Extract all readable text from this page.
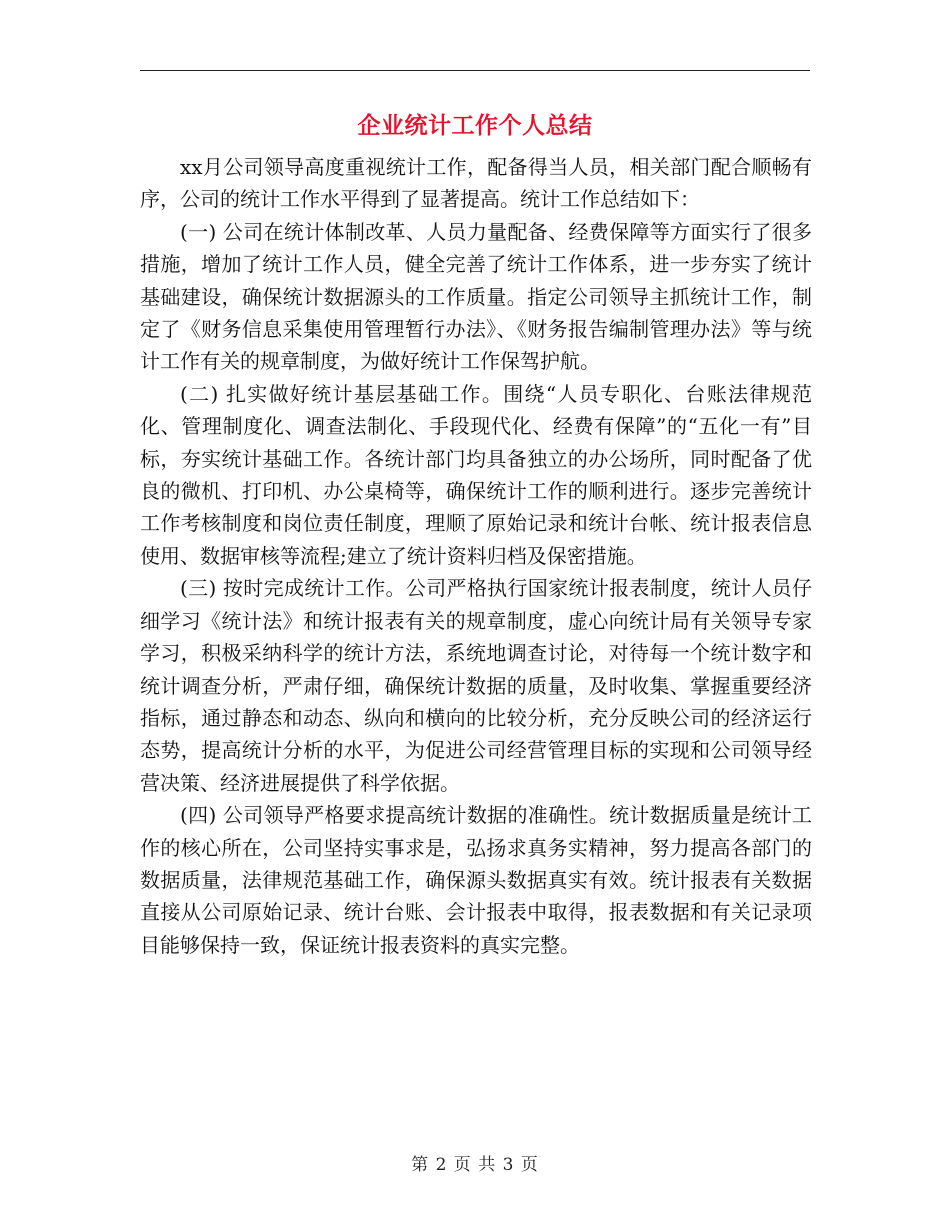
企业统计工作个人总结

xx月公司领导高度重视统计工作，配备得当人员，相关部门配合顺畅有序，公司的统计工作水平得到了显著提高。统计工作总结如下：

(一) 公司在统计体制改革、人员力量配备、经费保障等方面实行了很多措施，增加了统计工作人员，健全完善了统计工作体系，进一步夯实了统计基础建设，确保统计数据源头的工作质量。指定公司领导主抓统计工作，制定了《财务信息采集使用管理暂行办法》、《财务报告编制管理办法》等与统计工作有关的规章制度，为做好统计工作保驾护航。

(二) 扎实做好统计基层基础工作。围绕“人员专职化、台账法律规范化、管理制度化、调查法制化、手段现代化、经费有保障”的“五化一有”目标，夯实统计基础工作。各统计部门均具备独立的办公场所，同时配备了优良的微机、打印机、办公桌椅等，确保统计工作的顺利进行。逐步完善统计工作考核制度和岗位责任制度，理顺了原始记录和统计台帐、统计报表信息使用、数据审核等流程;建立了统计资料归档及保密措施。

(三) 按时完成统计工作。公司严格执行国家统计报表制度，统计人员仔细学习《统计法》和统计报表有关的规章制度，虚心向统计局有关领导专家学习，积极采纳科学的统计方法，系统地调查讨论，对待每一个统计数字和统计调查分析，严肃仔细，确保统计数据的质量，及时收集、掌握重要经济指标，通过静态和动态、纵向和横向的比较分析，充分反映公司的经济运行态势，提高统计分析的水平，为促进公司经营管理目标的实现和公司领导经营决策、经济进展提供了科学依据。

(四) 公司领导严格要求提高统计数据的准确性。统计数据质量是统计工作的核心所在，公司坚持实事求是，弘扬求真务实精神，努力提高各部门的数据质量，法律规范基础工作，确保源头数据真实有效。统计报表有关数据直接从公司原始记录、统计台账、会计报表中取得，报表数据和有关记录项目能够保持一致，保证统计报表资料的真实完整。

第 2 页 共 3 页
